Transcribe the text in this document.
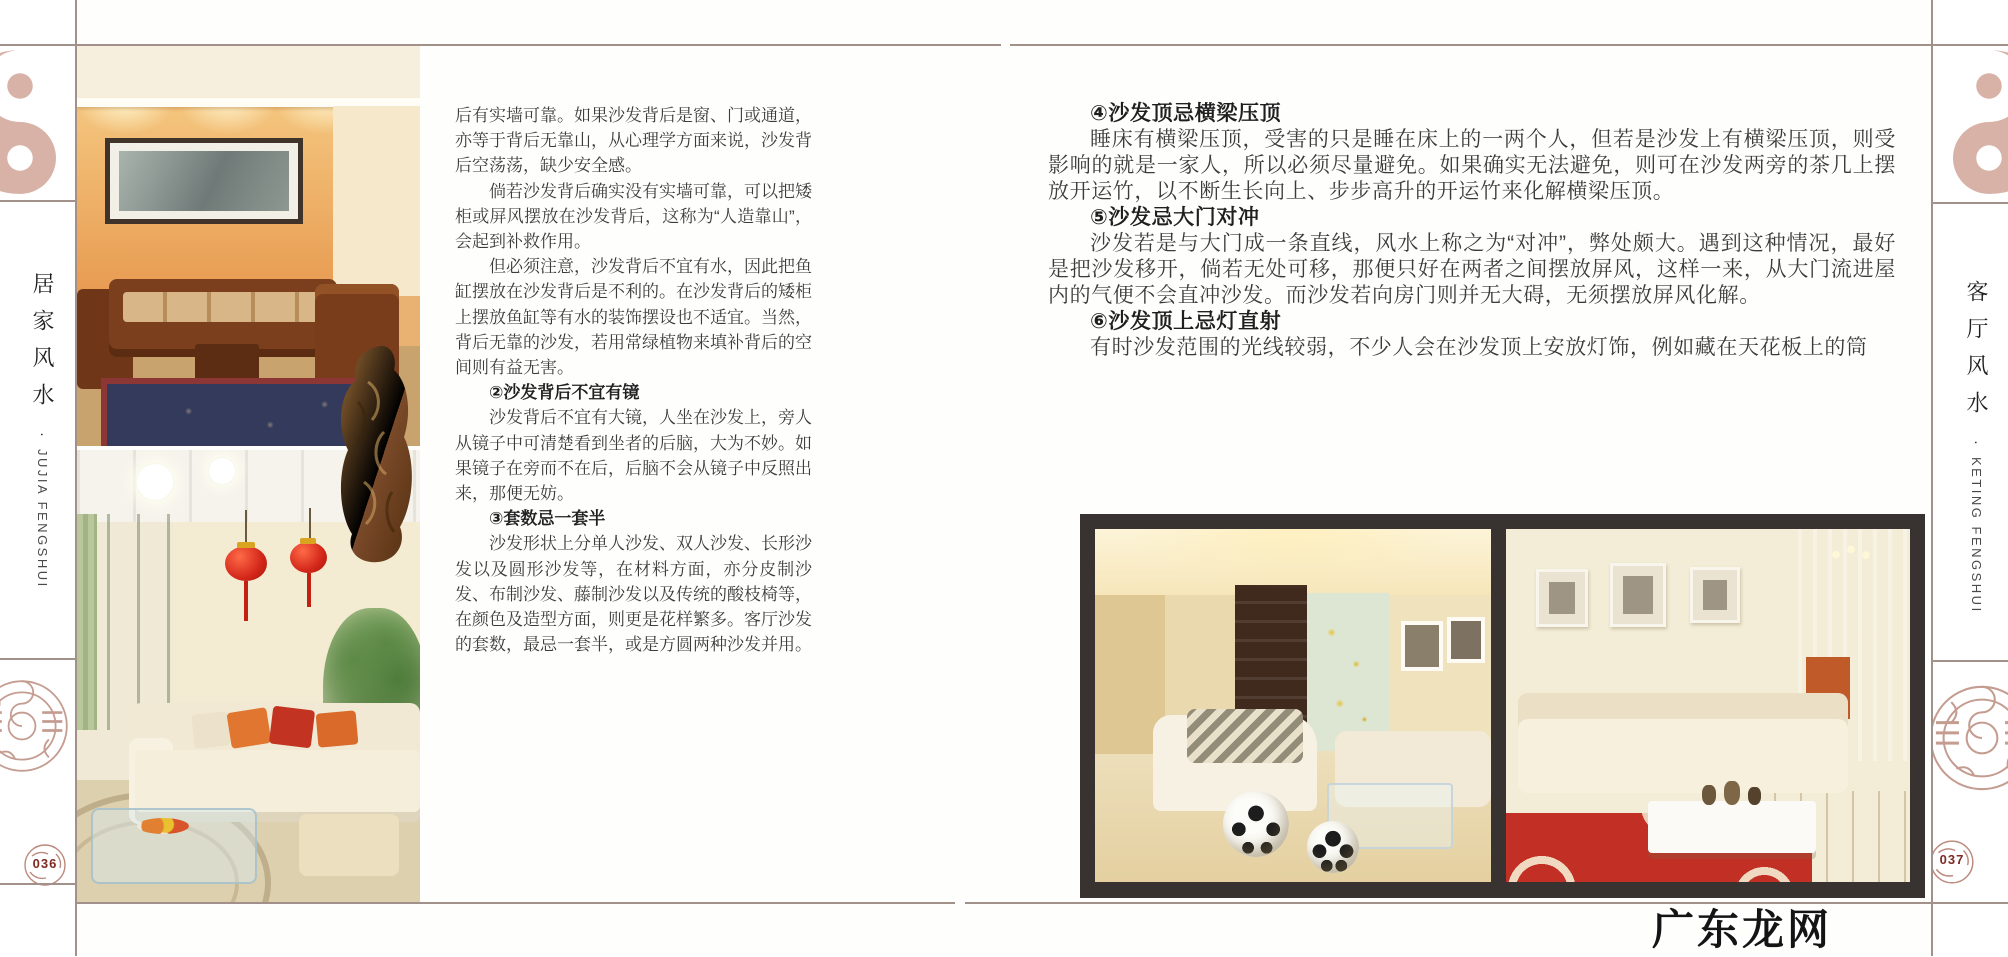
后有实墙可靠。如果沙发背后是窗、门或通道，亦等于背后无靠山，从心理学方面来说，沙发背后空荡荡，缺少安全感。

倘若沙发背后确实没有实墙可靠，可以把矮柜或屏风摆放在沙发背后，这称为“人造靠山”，会起到补救作用。

但必须注意，沙发背后不宜有水，因此把鱼缸摆放在沙发背后是不利的。在沙发背后的矮柜上摆放鱼缸等有水的装饰摆设也不适宜。当然，背后无靠的沙发，若用常绿植物来填补背后的空间则有益无害。

②沙发背后不宜有镜

沙发背后不宜有大镜，人坐在沙发上，旁人从镜子中可清楚看到坐者的后脑，大为不妙。如果镜子在旁而不在后，后脑不会从镜子中反照出来，那便无妨。

③套数忌一套半

沙发形状上分单人沙发、双人沙发、长形沙发以及圆形沙发等，在材料方面，亦分皮制沙发、布制沙发、藤制沙发以及传统的酸枝椅等，在颜色及造型方面，则更是花样繁多。客厅沙发的套数，最忌一套半，或是方圆两种沙发并用。

④沙发顶忌横梁压顶

睡床有横梁压顶，受害的只是睡在床上的一两个人，但若是沙发上有横梁压顶，则受影响的就是一家人，所以必须尽量避免。如果确实无法避免，则可在沙发两旁的茶几上摆放开运竹，以不断生长向上、步步高升的开运竹来化解横梁压顶。

⑤沙发忌大门对冲

沙发若是与大门成一条直线，风水上称之为“对冲”，弊处颇大。遇到这种情况，最好是把沙发移开，倘若无处可移，那便只好在两者之间摆放屏风，这样一来，从大门流进屋内的气便不会直冲沙发。而沙发若向房门则并无大碍，无须摆放屏风化解。

⑥沙发顶上忌灯直射

有时沙发范围的光线较弱，不少人会在沙发顶上安放灯饰，例如藏在天花板上的筒

居家风水·JUJIA FENGSHUI
036
客厅风水·KETING FENGSHUI
037
广东龙网
